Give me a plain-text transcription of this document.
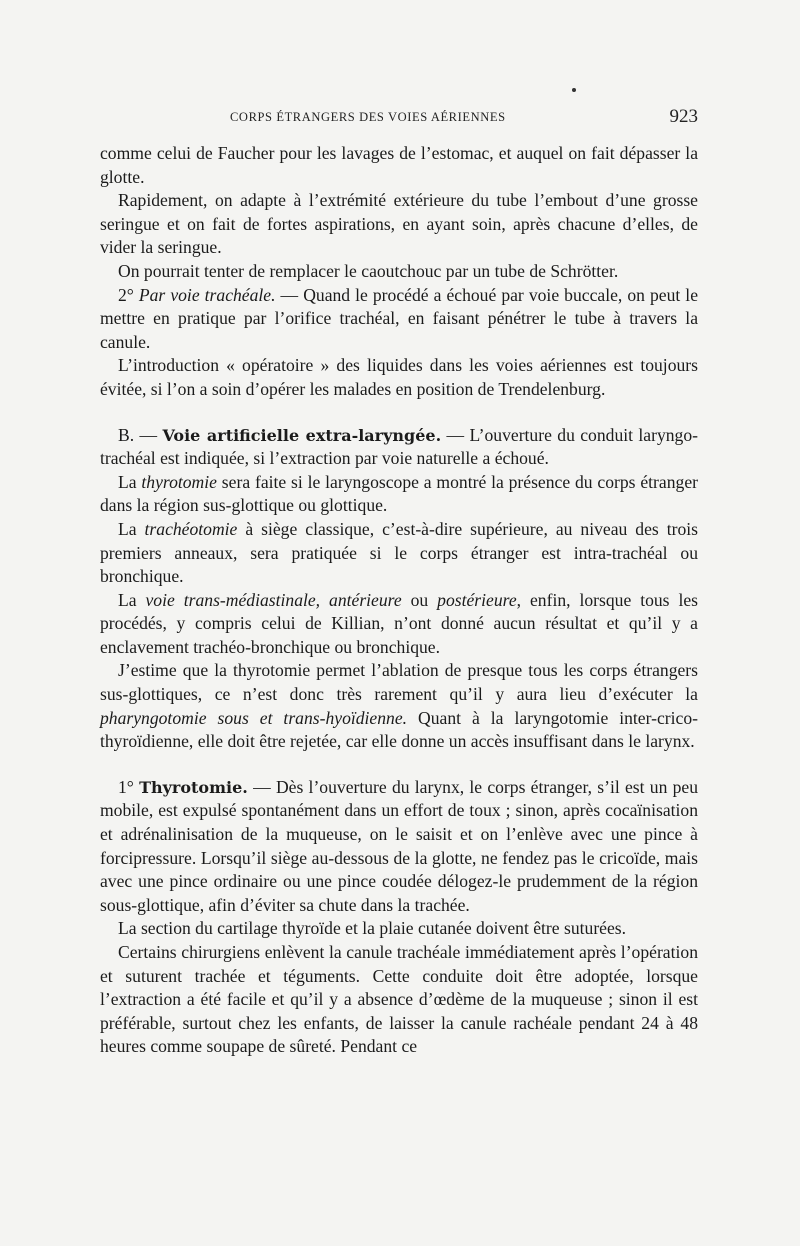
CORPS ÉTRANGERS DES VOIES AÉRIENNES	923

comme celui de Faucher pour les lavages de l’estomac, et auquel on fait dépasser la glotte.

Rapidement, on adapte à l’extrémité extérieure du tube l’embout d’une grosse seringue et on fait de fortes aspirations, en ayant soin, après chacune d’elles, de vider la seringue.

On pourrait tenter de remplacer le caoutchouc par un tube de Schrötter.

2° Par voie trachéale. — Quand le procédé a échoué par voie buccale, on peut le mettre en pratique par l’orifice trachéal, en faisant pénétrer le tube à travers la canule.

L’introduction « opératoire » des liquides dans les voies aériennes est toujours évitée, si l’on a soin d’opérer les malades en position de Trendelenburg.

B. — Voie artificielle extra-laryngée. — L’ouverture du conduit laryngo-trachéal est indiquée, si l’extraction par voie naturelle a échoué.

La thyrotomie sera faite si le laryngoscope a montré la présence du corps étranger dans la région sus-glottique ou glottique.

La trachéotomie à siège classique, c’est-à-dire supérieure, au niveau des trois premiers anneaux, sera pratiquée si le corps étranger est intra-trachéal ou bronchique.

La voie trans-médiastinale, antérieure ou postérieure, enfin, lorsque tous les procédés, y compris celui de Killian, n’ont donné aucun résultat et qu’il y a enclavement trachéo-bronchique ou bronchique.

J’estime que la thyrotomie permet l’ablation de presque tous les corps étrangers sus-glottiques, ce n’est donc très rarement qu’il y aura lieu d’exécuter la pharyngotomie sous et trans-hyoïdienne. Quant à la laryngotomie inter-crico-thyroïdienne, elle doit être rejetée, car elle donne un accès insuffisant dans le larynx.

1° Thyrotomie. — Dès l’ouverture du larynx, le corps étranger, s’il est un peu mobile, est expulsé spontanément dans un effort de toux ; sinon, après cocaïnisation et adrénalinisation de la muqueuse, on le saisit et on l’enlève avec une pince à forcipressure. Lorsqu’il siège au-dessous de la glotte, ne fendez pas le cricoïde, mais avec une pince ordinaire ou une pince coudée délogez-le prudemment de la région sous-glottique, afin d’éviter sa chute dans la trachée.

La section du cartilage thyroïde et la plaie cutanée doivent être suturées.

Certains chirurgiens enlèvent la canule trachéale immédiatement après l’opération et suturent trachée et téguments. Cette conduite doit être adoptée, lorsque l’extraction a été facile et qu’il y a absence d’œdème de la muqueuse ; sinon il est préférable, surtout chez les enfants, de laisser la canule rachéale pendant 24 à 48 heures comme soupape de sûreté. Pendant ce
